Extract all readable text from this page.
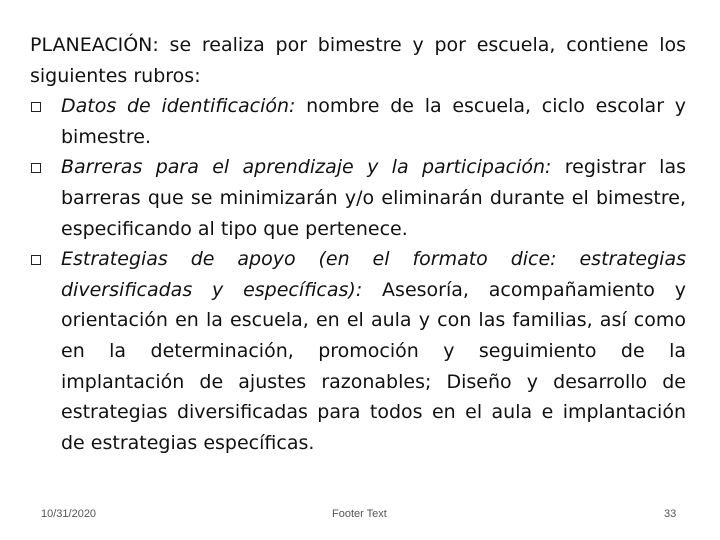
PLANEACIÓN: se realiza por bimestre y por escuela, contiene los siguientes rubros:

Datos de identificación: nombre de la escuela, ciclo escolar y bimestre.
Barreras para el aprendizaje y la participación: registrar las barreras que se minimizarán y/o eliminarán durante el bimestre, especificando al tipo que pertenece.
Estrategias de apoyo (en el formato dice: estrategias diversificadas y específicas): Asesoría, acompañamiento y orientación en la escuela, en el aula y con las familias, así como en la determinación, promoción y seguimiento de la implantación de ajustes razonables; Diseño y desarrollo de estrategias diversificadas para todos en el aula e implantación de estrategias específicas.
10/31/2020	Footer Text	33
